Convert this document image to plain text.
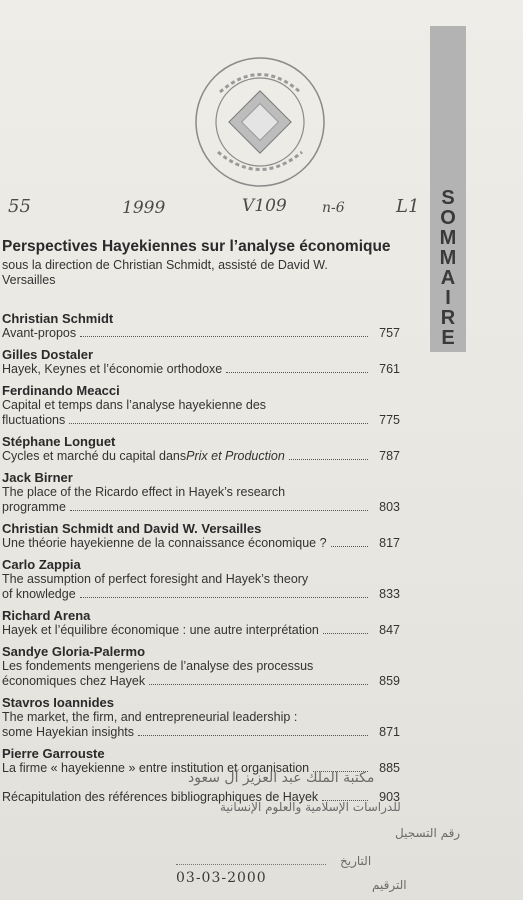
S
O
M
M
A
I
R
E
55	1999	V109	n-6	L1
Perspectives Hayekiennes sur l’analyse économique
sous la direction de Christian Schmidt, assisté de David W. Versailles
Christian Schmidt
Avant-propos	757
Gilles Dostaler
Hayek, Keynes et l’économie orthodoxe	761
Ferdinando Meacci
Capital et temps dans l’analyse hayekienne des
fluctuations	775
Stéphane Longuet
Cycles et marché du capital dans Prix et Production	787
Jack Birner
The place of the Ricardo effect in Hayek’s research
programme	803
Christian Schmidt and David W. Versailles
Une théorie hayekienne de la connaissance économique ?	817
Carlo Zappia
The assumption of perfect foresight and Hayek’s theory
of knowledge	833
Richard Arena
Hayek et l’équilibre économique : une autre interprétation	847
Sandye Gloria-Palermo
Les fondements mengeriens de l’analyse des processus
économiques chez Hayek	859
Stavros Ioannides
The market, the firm, and entrepreneurial leadership :
some Hayekian insights	871
Pierre Garrouste
La firme « hayekienne » entre institution et organisation	885
Récapitulation des références bibliographiques de Hayek	903
مكتبة الملك عبد العزيز آل سعود
للدراسات الإسلامية والعلوم الإنسانية
رقم التسجيل
التاريخ
الترقيم
03-03-2000
